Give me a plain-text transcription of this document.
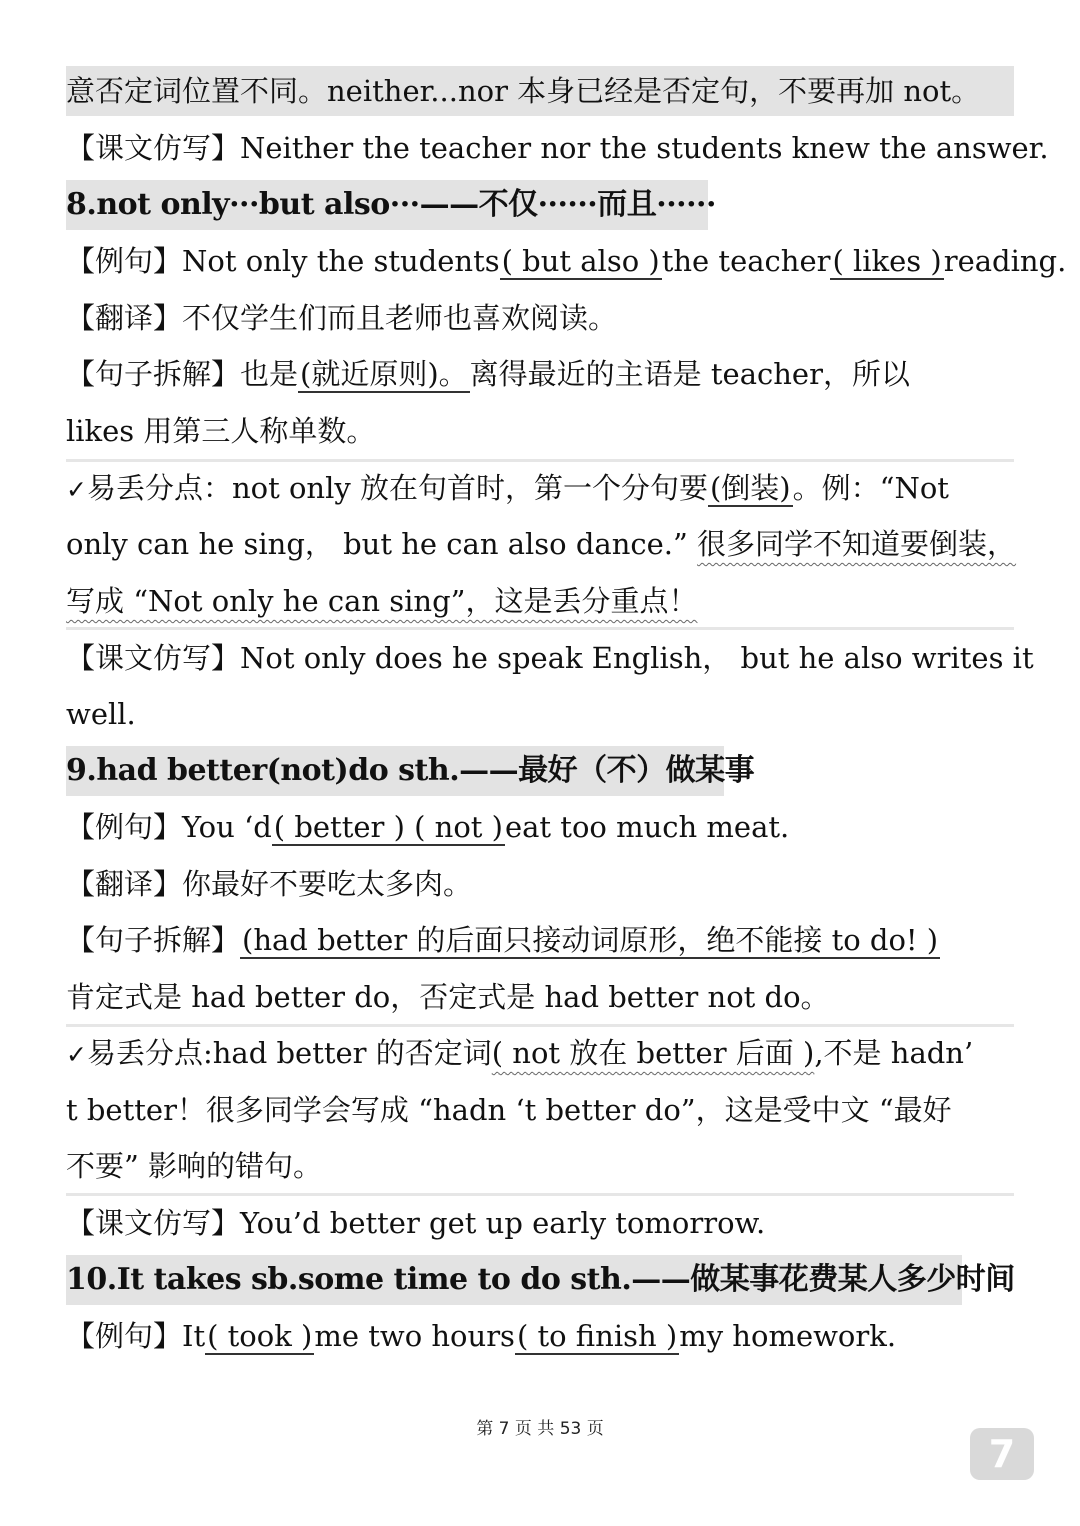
意否定词位置不同。neither...nor 本身已经是否定句，不要再加 not。
【课文仿写】Neither the teacher nor the students knew the answer.
8.not only···but also···——不仅······而且······
【例句】Not only the students( but also )the teacher( likes )reading.
【翻译】不仅学生们而且老师也喜欢阅读。
【句子拆解】也是(就近原则)。离得最近的主语是 teacher，所以
likes 用第三人称单数。
✓易丢分点：not only 放在句首时，第一个分句要(倒装)。例：“Not
only can he sing， but he can also dance.” 很多同学不知道要倒装，
写成 “Not only he can sing”，这是丢分重点！
【课文仿写】Not only does he speak English， but he also writes it
well.
9.had better(not)do sth.——最好（不）做某事
【例句】You ‘d( better ) ( not )eat too much meat.
【翻译】你最好不要吃太多肉。
【句子拆解】(had better 的后面只接动词原形，绝不能接 to do! )
肯定式是 had better do，否定式是 had better not do。
✓易丢分点:had better 的否定词( not 放在 better 后面 ),不是 hadn’
t better！很多同学会写成 “hadn ‘t better do”，这是受中文 “最好
不要” 影响的错句。
【课文仿写】You’d better get up early tomorrow.
10.It takes sb.some time to do sth.——做某事花费某人多少时间
【例句】It( took )me two hours( to finish )my homework.
第 7 页 共 53 页
7
